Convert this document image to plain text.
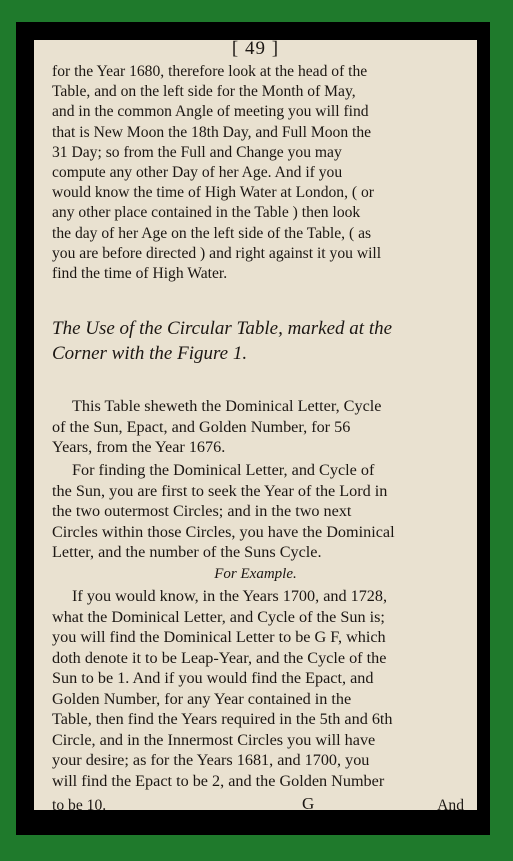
[ 49 ]
for the Year 1680, therefore look at the head of the
Table, and on the left side for the Month of May,
and in the common Angle of meeting you will find
that is New Moon the 18th Day, and Full Moon the
31 Day; so from the Full and Change you may
compute any other Day of her Age. And if you
would know the time of High Water at London, ( or
any other place contained in the Table ) then look
the day of her Age on the left side of the Table, ( as
you are before directed ) and right against it you will
find the time of High Water.
The Use of the Circular Table, marked at the
Corner with the Figure 1.
This Table sheweth the Dominical Letter, Cycle
of the Sun, Epact, and Golden Number, for 56
Years, from the Year 1676.
For finding the Dominical Letter, and Cycle of
the Sun, you are first to seek the Year of the Lord in
the two outermost Circles; and in the two next
Circles within those Circles, you have the Dominical
Letter, and the number of the Suns Cycle.
For Example.
If you would know, in the Years 1700, and 1728,
what the Dominical Letter, and Cycle of the Sun is;
you will find the Dominical Letter to be G F, which
doth denote it to be Leap-Year, and the Cycle of the
Sun to be 1. And if you would find the Epact, and
Golden Number, for any Year contained in the
Table, then find the Years required in the 5th and 6th
Circle, and in the Innermost Circles you will have
your desire; as for the Years 1681, and 1700, you
will find the Epact to be 2, and the Golden Number
to be 10.	G	And
